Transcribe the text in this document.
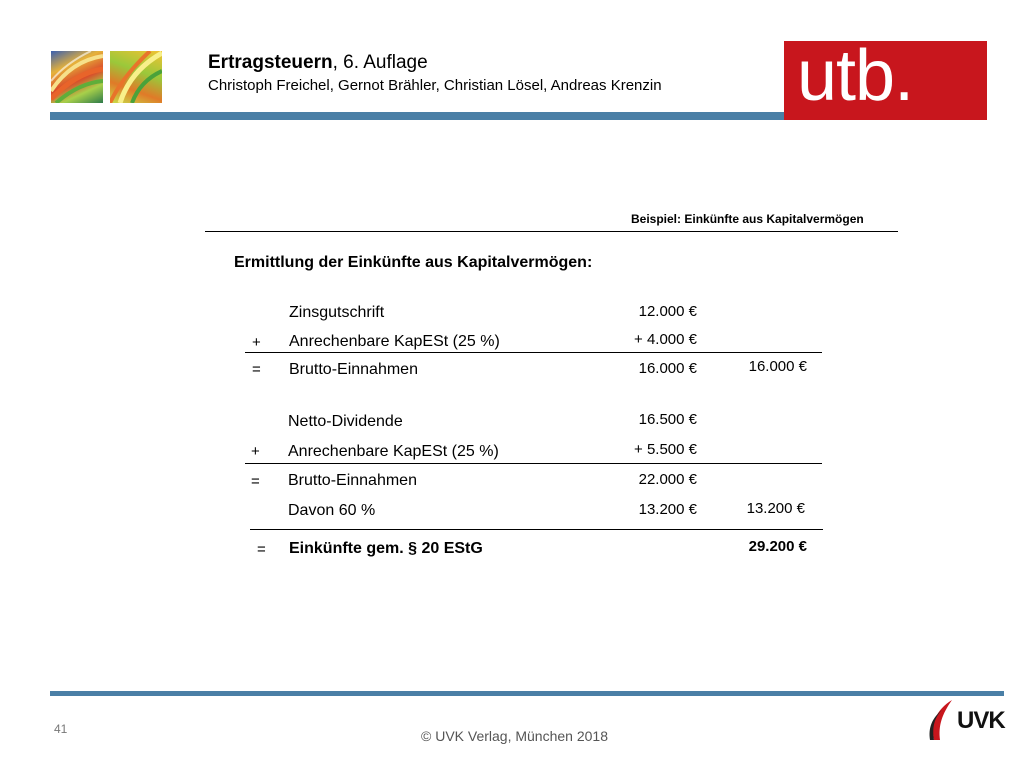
Ertragsteuern, 6. Auflage
Christoph Freichel, Gernot Brähler, Christian Lösel, Andreas Krenzin utb.
Beispiel: Einkünfte aus Kapitalvermögen
Ermittlung der Einkünfte aus Kapitalvermögen:
Zinsgutschrift	12.000 €
+ Anrechenbare KapESt (25 %)	+ 4.000 €
= Brutto-Einnahmen	16.000 €	16.000 €
Netto-Dividende	16.500 €
+ Anrechenbare KapESt (25 %)	+ 5.500 €
= Brutto-Einnahmen	22.000 €
Davon 60 %	13.200 €	13.200 €
= Einkünfte gem. § 20 EStG	29.200 €
41	© UVK Verlag, München 2018
UVK
